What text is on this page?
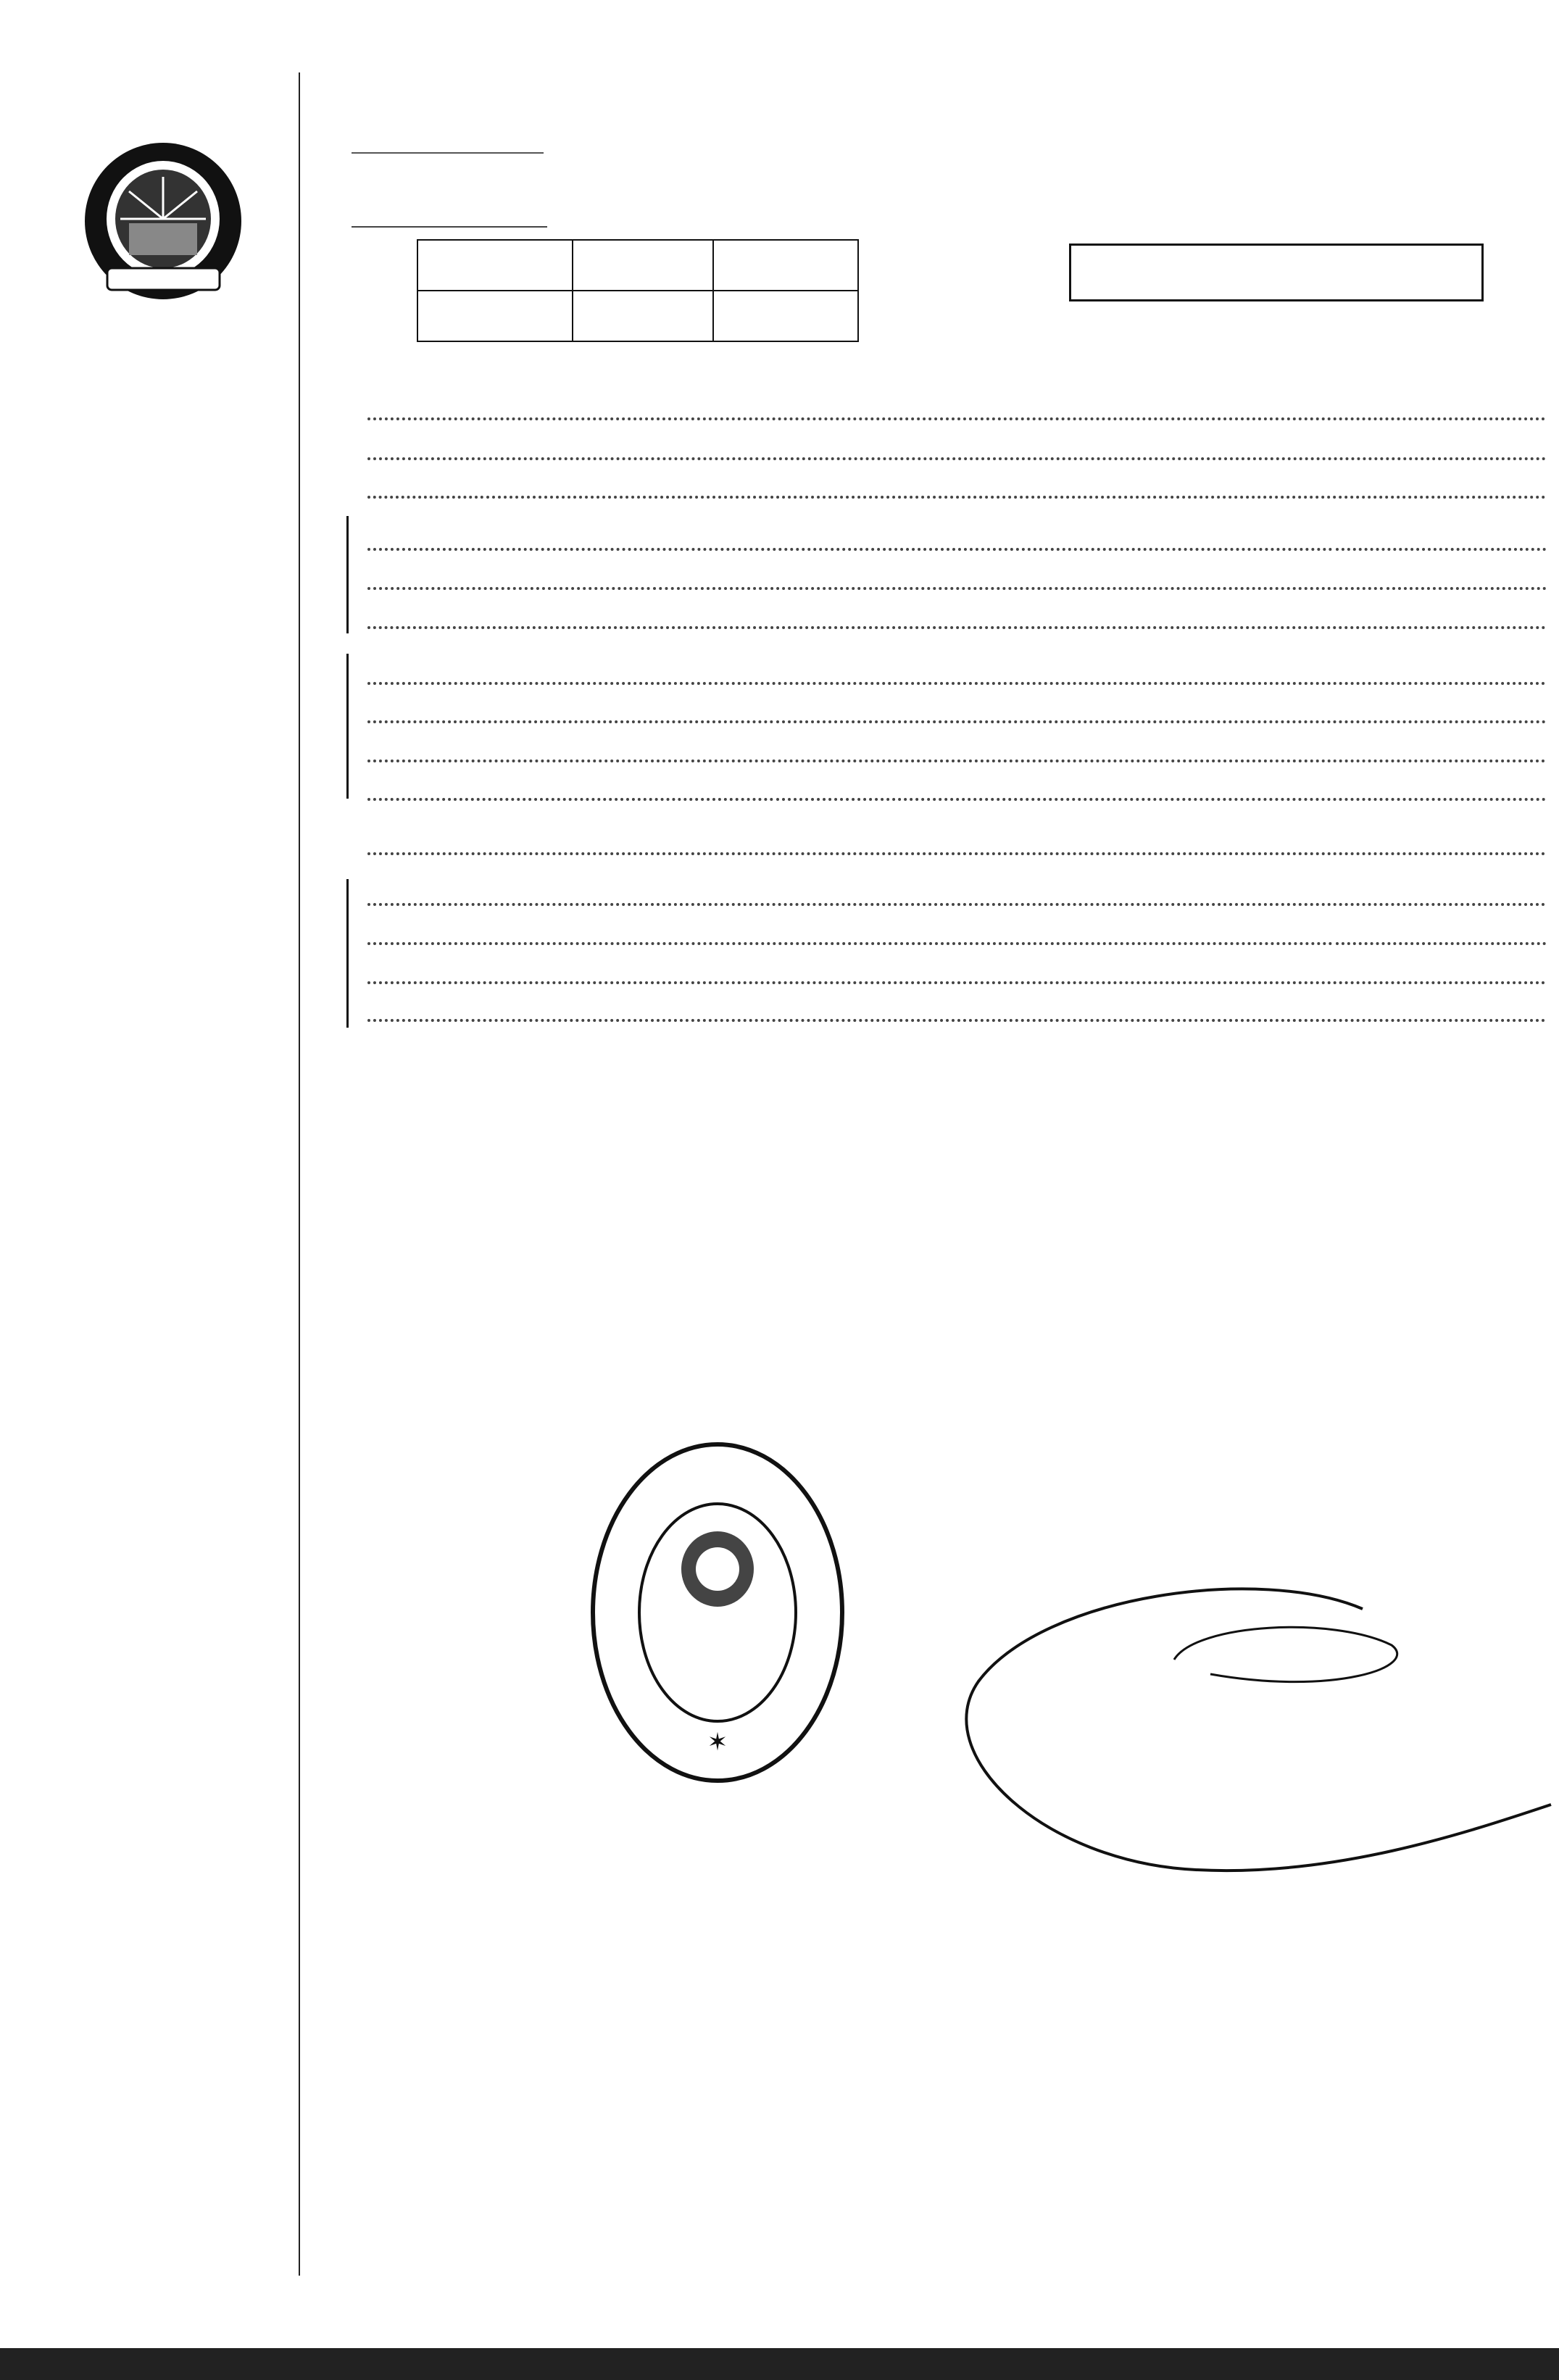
✶
